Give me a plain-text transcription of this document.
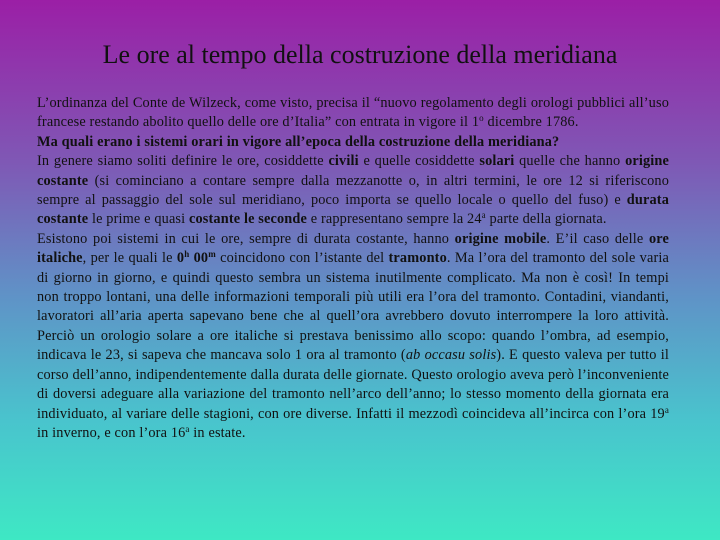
Le ore al tempo della costruzione della meridiana

L’ordinanza del Conte de Wilzeck, come visto, precisa il “nuovo regolamento degli orologi pubblici all’uso francese restando abolito quello delle ore d’Italia” con entrata in vigore il 1$^o$ dicembre 1786.

Ma quali erano i sistemi orari in vigore all’epoca della costruzione della meridiana?

In genere siamo soliti definire le ore, cosiddette civili e quelle cosiddette solari quelle che hanno origine costante (si cominciano a contare sempre dalla mezzanotte o, in altri termini, le ore 12 si riferiscono sempre al passaggio del sole sul meridiano, poco importa se quello locale o quello del fuso) e durata costante le prime e quasi costante le seconde e rappresentano sempre la 24$^a$ parte della giornata.

Esistono poi sistemi in cui le ore, sempre di durata costante, hanno origine mobile. E’il caso delle ore italiche, per le quali le 0$^h$ 00$^m$ coincidono con l’istante del tramonto. Ma l’ora del tramonto del sole varia di giorno in giorno, e quindi questo sembra un sistema inutilmente complicato. Ma non è così! In tempi non troppo lontani, una delle informazioni temporali più utili era l’ora del tramonto. Contadini, viandanti, lavoratori all’aria aperta sapevano bene che al quell’ora avrebbero dovuto interrompere la loro attività. Perciò un orologio solare a ore italiche si prestava benissimo allo scopo: quando l’ombra, ad esempio, indicava le 23, si sapeva che mancava solo 1 ora al tramonto (ab occasu solis). E questo valeva per tutto il corso dell’anno, indipendentemente dalla durata delle giornate. Questo orologio aveva però l’inconveniente di doversi adeguare alla variazione del tramonto nell’arco dell’anno; lo stesso momento della giornata era individuato, al variare delle stagioni, con ore diverse. Infatti il mezzodì coincideva all’incirca con l’ora 19$^a$ in inverno, e con l’ora 16$^a$ in estate.
